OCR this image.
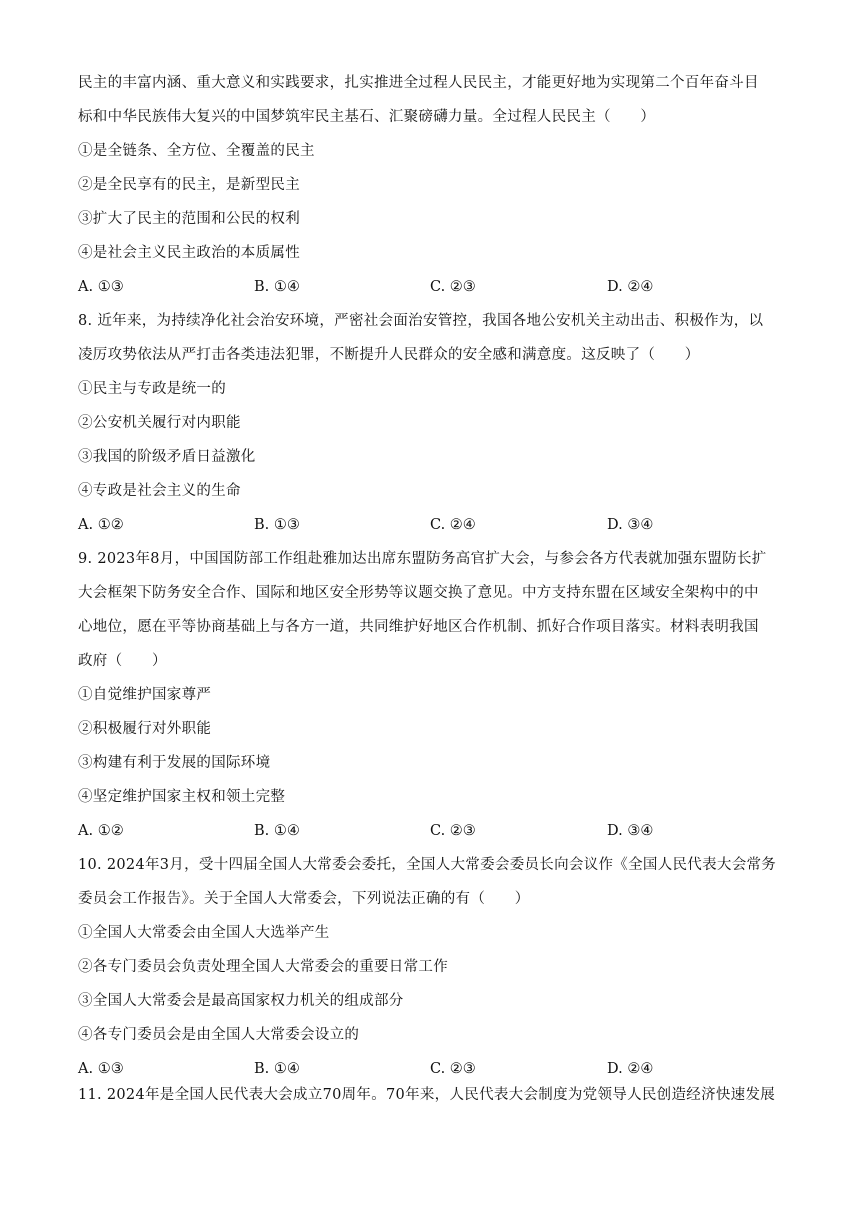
民主的丰富内涵、重大意义和实践要求，扎实推进全过程人民民主，才能更好地为实现第二个百年奋斗目
标和中华民族伟大复兴的中国梦筑牢民主基石、汇聚磅礴力量。全过程人民民主（　　）
①是全链条、全方位、全覆盖的民主
②是全民享有的民主，是新型民主
③扩大了民主的范围和公民的权利
④是社会主义民主政治的本质属性
A. ①③	B. ①④	C. ②③	D. ②④
8. 近年来，为持续净化社会治安环境，严密社会面治安管控，我国各地公安机关主动出击、积极作为，以
凌厉攻势依法从严打击各类违法犯罪，不断提升人民群众的安全感和满意度。这反映了（　　）
①民主与专政是统一的
②公安机关履行对内职能
③我国的阶级矛盾日益激化
④专政是社会主义的生命
A. ①②	B. ①③	C. ②④	D. ③④
9. 2023年8月，中国国防部工作组赴雅加达出席东盟防务高官扩大会，与参会各方代表就加强东盟防长扩
大会框架下防务安全合作、国际和地区安全形势等议题交换了意见。中方支持东盟在区域安全架构中的中
心地位，愿在平等协商基础上与各方一道，共同维护好地区合作机制、抓好合作项目落实。材料表明我国
政府（　　）
①自觉维护国家尊严
②积极履行对外职能
③构建有利于发展的国际环境
④坚定维护国家主权和领土完整
A. ①②	B. ①④	C. ②③	D. ③④
10. 2024年3月，受十四届全国人大常委会委托，全国人大常委会委员长向会议作《全国人民代表大会常务
委员会工作报告》。关于全国人大常委会，下列说法正确的有（　　）
①全国人大常委会由全国人大选举产生
②各专门委员会负责处理全国人大常委会的重要日常工作
③全国人大常委会是最高国家权力机关的组成部分
④各专门委员会是由全国人大常委会设立的
A. ①③	B. ①④	C. ②③	D. ②④
11. 2024年是全国人民代表大会成立70周年。70年来，人民代表大会制度为党领导人民创造经济快速发展
